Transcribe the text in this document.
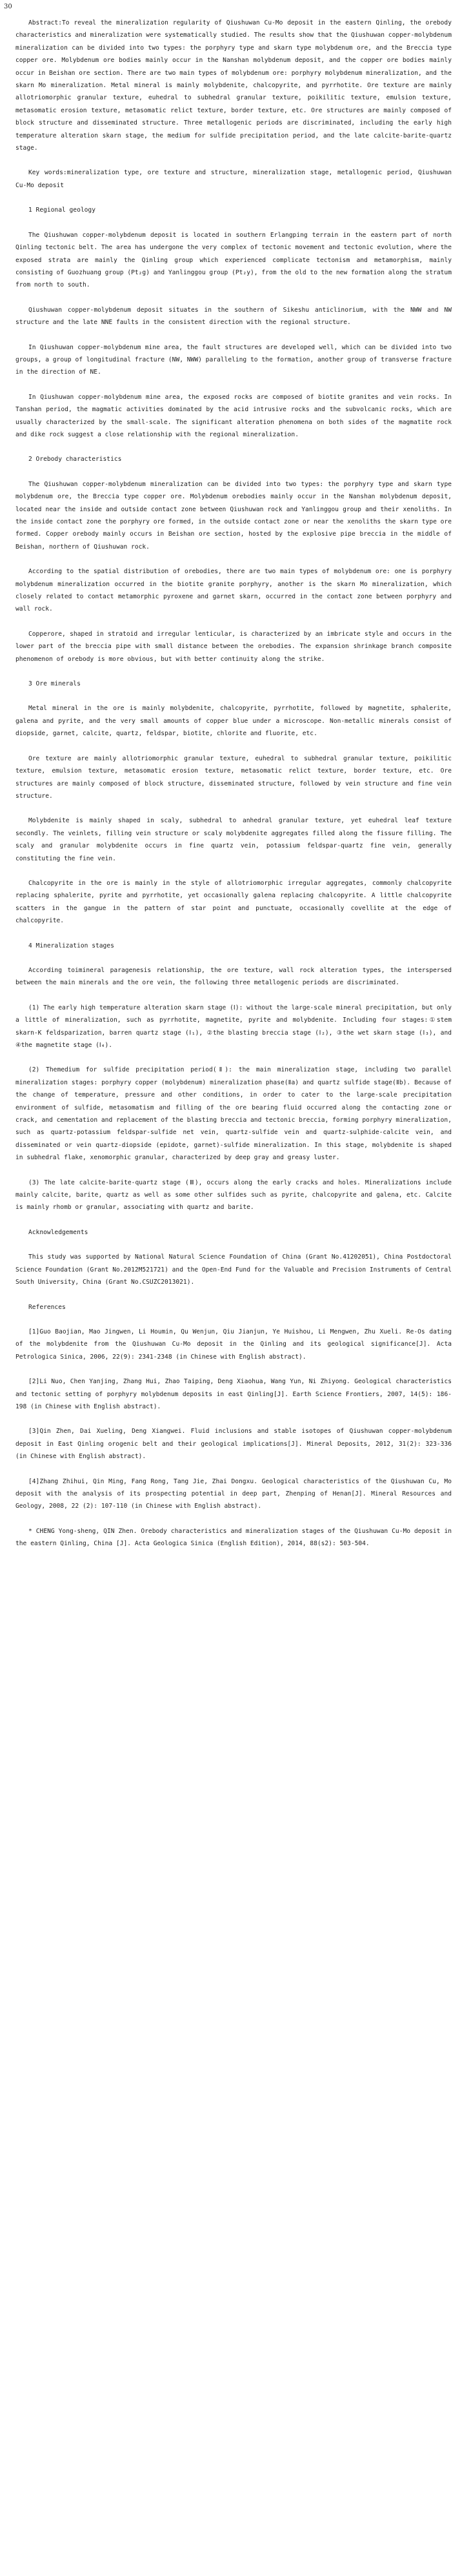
30

Abstract:To reveal the mineralization regularity of Qiushuwan Cu-Mo deposit in the eastern Qinling, the orebody characteristics and mineralization were systematically studied. The results show that the Qiushuwan copper-molybdenum mineralization can be divided into two types: the porphyry type and skarn type molybdenum ore, and the Breccia type copper ore. Molybdenum ore bodies mainly occur in the Nanshan molybdenum deposit, and the copper ore bodies mainly occur in Beishan ore section. There are two main types of molybdenum ore: porphyry molybdenum mineralization, and the skarn Mo mineralization. Metal mineral is mainly molybdenite, chalcopyrite, and pyrrhotite. Ore texture are mainly allotriomorphic granular texture, euhedral to subhedral granular texture, poikilitic texture, emulsion texture, metasomatic erosion texture, metasomatic relict texture, border texture, etc. Ore structures are mainly composed of block structure and disseminated structure. Three metallogenic periods are discriminated, including the early high temperature alteration skarn stage, the medium for sulfide precipitation period, and the late calcite-barite-quartz stage.

Key words:mineralization type, ore texture and structure, mineralization stage, metallogenic period, Qiushuwan Cu-Mo deposit

1 Regional geology

The Qiushuwan copper-molybdenum deposit is located in southern Erlangping terrain in the eastern part of north Qinling tectonic belt. The area has undergone the very complex of tectonic movement and tectonic evolution, where the exposed strata are mainly the Qinling group which experienced complicate tectonism and metamorphism, mainly consisting of Guozhuang group (Pt₂g) and Yanlinggou group (Pt₂y), from the old to the new formation along the stratum from north to south.

Qiushuwan copper-molybdenum deposit situates in the southern of Sikeshu anticlinorium, with the NWW and NW structure and the late NNE faults in the consistent direction with the regional structure.

In Qiushuwan copper-molybdenum mine area, the fault structures are developed well, which can be divided into two groups, a group of longitudinal fracture (NW, NWW) paralleling to the formation, another group of transverse fracture in the direction of NE.

In Qiushuwan copper-molybdenum mine area, the exposed rocks are composed of biotite granites and vein rocks. In Tanshan period, the magmatic activities dominated by the acid intrusive rocks and the subvolcanic rocks, which are usually characterized by the small-scale. The significant alteration phenomena on both sides of the magmatite rock and dike rock suggest a close relationship with the regional mineralization.

2 Orebody characteristics

The Qiushuwan copper-molybdenum mineralization can be divided into two types: the porphyry type and skarn type molybdenum ore, the Breccia type copper ore. Molybdenum orebodies mainly occur in the Nanshan molybdenum deposit, located near the inside and outside contact zone between Qiushuwan rock and Yanlinggou group and their xenoliths. In the inside contact zone the porphyry ore formed, in the outside contact zone or near the xenoliths the skarn type ore formed. Copper orebody mainly occurs in Beishan ore section, hosted by the explosive pipe breccia in the middle of Beishan, northern of Qiushuwan rock.

According to the spatial distribution of orebodies, there are two main types of molybdenum ore: one is porphyry molybdenum mineralization occurred in the biotite granite porphyry, another is the skarn Mo mineralization, which closely related to contact metamorphic pyroxene and garnet skarn, occurred in the contact zone between porphyry and wall rock.

Copperore, shaped in stratoid and irregular lenticular, is characterized by an imbricate style and occurs in the lower part of the breccia pipe with small distance between the orebodies. The expansion shrinkage branch composite phenomenon of orebody is more obvious, but with better continuity along the strike.

3 Ore minerals

Metal mineral in the ore is mainly molybdenite, chalcopyrite, pyrrhotite, followed by magnetite, sphalerite, galena and pyrite, and the very small amounts of copper blue under a microscope. Non-metallic minerals consist of diopside, garnet, calcite, quartz, feldspar, biotite, chlorite and fluorite, etc.

Ore texture are mainly allotriomorphic granular texture, euhedral to subhedral granular texture, poikilitic texture, emulsion texture, metasomatic erosion texture, metasomatic relict texture, border texture, etc. Ore structures are mainly composed of block structure, disseminated structure, followed by vein structure and fine vein structure.

Molybdenite is mainly shaped in scaly, subhedral to anhedral granular texture, yet euhedral leaf texture secondly. The veinlets, filling vein structure or scaly molybdenite aggregates filled along the fissure filling. The scaly and granular molybdenite occurs in fine quartz vein, potassium feldspar-quartz fine vein, generally constituting the fine vein.

Chalcopyrite in the ore is mainly in the style of allotriomorphic irregular aggregates, commonly chalcopyrite replacing sphalerite, pyrite and pyrrhotite, yet occasionally galena replacing chalcopyrite. A little chalcopyrite scatters in the gangue in the pattern of star point and punctuate, occasionally covellite at the edge of chalcopyrite.

4 Mineralization stages

According toimineral paragenesis relationship, the ore texture, wall rock alteration types, the interspersed between the main minerals and the ore vein, the following three metallogenic periods are discriminated.

(1) The early high temperature alteration skarn stage (Ⅰ): without the large-scale mineral precipitation, but only a little of mineralization, such as pyrrhotite, magnetite, pyrite and molybdenite. Including four stages:①stem skarn-K feldsparization, barren quartz stage (Ⅰ₁), ②the blasting breccia stage (Ⅰ₂), ③the wet skarn stage (Ⅰ₃), and ④the magnetite stage (Ⅰ₄).

(2) Themedium for sulfide precipitation period(Ⅱ): the main mineralization stage, including two parallel mineralization stages: porphyry copper (molybdenum) mineralization phase(Ⅱa) and quartz sulfide stage(Ⅱb). Because of the change of temperature, pressure and other conditions, in order to cater to the large-scale precipitation environment of sulfide, metasomatism and filling of the ore bearing fluid occurred along the contacting zone or crack, and cementation and replacement of the blasting breccia and tectonic breccia, forming porphyry mineralization, such as quartz-potassium feldspar-sulfide net vein, quartz-sulfide vein and quartz-sulphide-calcite vein, and disseminated or vein quartz-diopside (epidote, garnet)-sulfide mineralization. In this stage, molybdenite is shaped in subhedral flake, xenomorphic granular, characterized by deep gray and greasy luster.

(3) The late calcite-barite-quartz stage (Ⅲ), occurs along the early cracks and holes. Mineralizations include mainly calcite, barite, quartz as well as some other sulfides such as pyrite, chalcopyrite and galena, etc. Calcite is mainly rhomb or granular, associating with quartz and barite.

Acknowledgements

This study was supported by National Natural Science Foundation of China (Grant No.41202051), China Postdoctoral Science Foundation (Grant No.2012M521721) and the Open-End Fund for the Valuable and Precision Instruments of Central South University, China (Grant No.CSUZC2013021).

References

[1]Guo Baojian, Mao Jingwen, Li Houmin, Qu Wenjun, Qiu Jianjun, Ye Huishou, Li Mengwen, Zhu Xueli. Re-Os dating of the molybdenite from the Qiushuwan Cu-Mo deposit in the Qinling and its geological significance[J]. Acta Petrologica Sinica, 2006, 22(9): 2341-2348 (in Chinese with English abstract).

[2]Li Nuo, Chen Yanjing, Zhang Hui, Zhao Taiping, Deng Xiaohua, Wang Yun, Ni Zhiyong. Geological characteristics and tectonic setting of porphyry molybdenum deposits in east Qinling[J]. Earth Science Frontiers, 2007, 14(5): 186-198 (in Chinese with English abstract).

[3]Qin Zhen, Dai Xueling, Deng Xiangwei. Fluid inclusions and stable isotopes of Qiushuwan copper-molybdenum deposit in East Qinling orogenic belt and their geological implications[J]. Mineral Deposits, 2012, 31(2): 323-336 (in Chinese with English abstract).

[4]Zhang Zhihui, Qin Ming, Fang Rong, Tang Jie, Zhai Dongxu. Geological characteristics of the Qiushuwan Cu, Mo deposit with the analysis of its prospecting potential in deep part, Zhenping of Henan[J]. Mineral Resources and Geology, 2008, 22 (2): 107-110 (in Chinese with English abstract).

* CHENG Yong-sheng, QIN Zhen. Orebody characteristics and mineralization stages of the Qiushuwan Cu-Mo deposit in the eastern Qinling, China [J]. Acta Geologica Sinica (English Edition), 2014, 88(s2): 503-504.
